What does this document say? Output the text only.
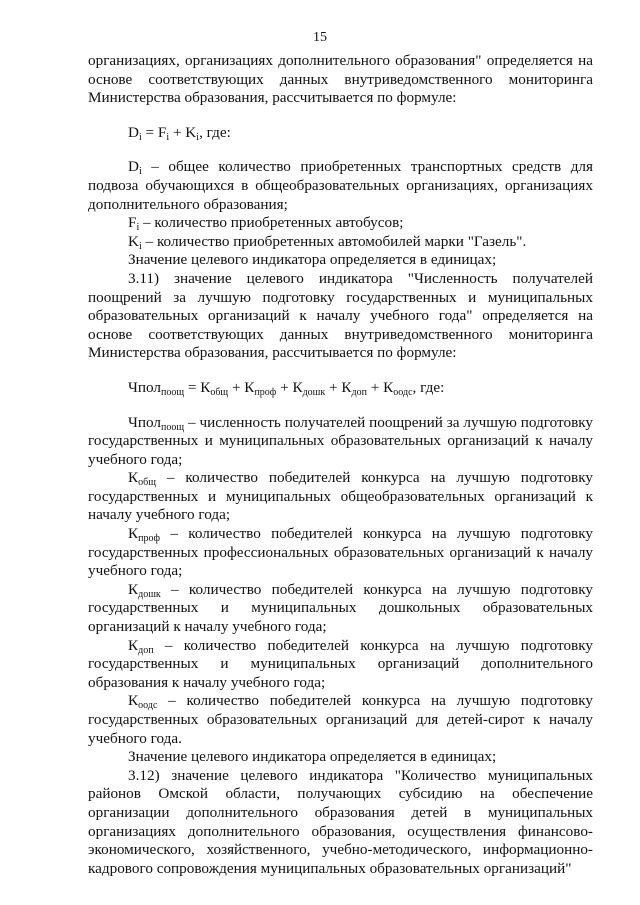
15

организациях, организациях дополнительного образования" определяется на основе соответствующих данных внутриведомственного мониторинга Министерства образования, рассчитывается по формуле:

$D_i = F_i + K_i$, где:

$D_i$ – общее количество приобретенных транспортных средств для подвоза обучающихся в общеобразовательных организациях, организациях дополнительного образования;

$F_i$ – количество приобретенных автобусов;

$K_i$ – количество приобретенных автомобилей марки "Газель".

Значение целевого индикатора определяется в единицах;

3.11) значение целевого индикатора "Численность получателей поощрений за лучшую подготовку государственных и муниципальных образовательных организаций к началу учебного года" определяется на основе соответствующих данных внутриведомственного мониторинга Министерства образования, рассчитывается по формуле:

Чпол$_{поощ}$ = $К_{общ} + К_{проф} + К_{дошк} + К_{доп} + К_{оодс}$, где:

Чпол$_{поощ}$ – численность получателей поощрений за лучшую подготовку государственных и муниципальных образовательных организаций к началу учебного года;

$К_{общ}$ – количество победителей конкурса на лучшую подготовку государственных и муниципальных общеобразовательных организаций к началу учебного года;

$К_{проф}$ – количество победителей конкурса на лучшую подготовку государственных профессиональных образовательных организаций к началу учебного года;

$К_{дошк}$ – количество победителей конкурса на лучшую подготовку государственных и муниципальных дошкольных образовательных организаций к началу учебного года;

$К_{доп}$ – количество победителей конкурса на лучшую подготовку государственных и муниципальных организаций дополнительного образования к началу учебного года;

$К_{оодс}$ – количество победителей конкурса на лучшую подготовку государственных образовательных организаций для детей-сирот к началу учебного года.

Значение целевого индикатора определяется в единицах;

3.12) значение целевого индикатора "Количество муниципальных районов Омской области, получающих субсидию на обеспечение организации дополнительного образования детей в муниципальных организациях дополнительного образования, осуществления финансово-экономического, хозяйственного, учебно-методического, информационно-кадрового сопровождения муниципальных образовательных организаций"
